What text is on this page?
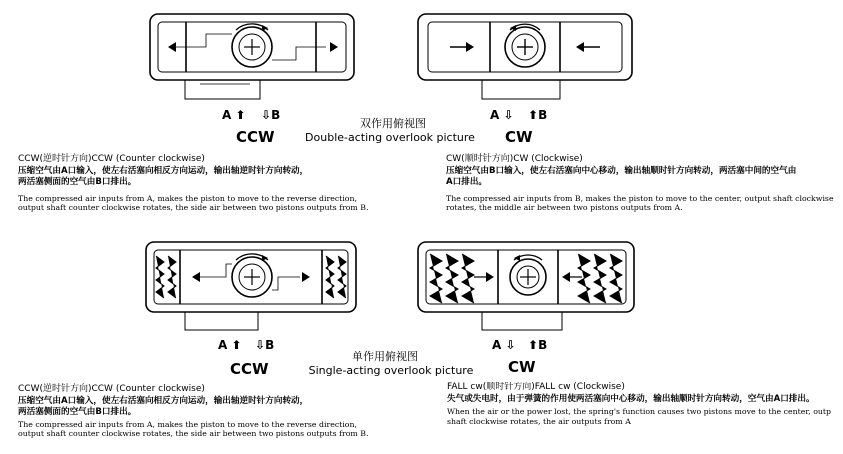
A ⬆ ⇩B
CCW
A ⇩ ⬆B
CW
双作用俯视图
Double-acting overlook picture
CCW(逆时针方向)CCW (Counter clockwise)
压缩空气由A口输入，使左右活塞向相反方向运动，输出轴逆时针方向转动，
两活塞侧面的空气由B口排出。
The compressed air inputs from A, makes the piston to move to the reverse direction,
output shaft counter clockwise rotates, the side air between two pistons outputs from B.
CW(顺时针方向)CW (Clockwise)
压缩空气由B口输入，使左右活塞向中心移动，输出轴顺时针方向转动，两活塞中间的空气由
A口排出。
The compressed air inputs from B, makes the piston to move to the center, output shaft clockwise
rotates, the middle air between two pistons outputs from A.
A ⬆ ⇩B
CCW
A ⇩ ⬆B
CW
单作用俯视图
Single-acting overlook picture
CCW(逆时针方向)CCW (Counter clockwise)
压缩空气由A口输入，使左右活塞向相反方向运动，输出轴逆时针方向转动，
两活塞侧面的空气由B口排出。
The compressed air inputs from A, makes the piston to move to the reverse direction,
output shaft counter clockwise rotates, the side air between two pistons outputs from B.
FALL cw(顺时针方向)FALL cw (Clockwise)
失气或失电时，由于弹簧的作用使两活塞向中心移动，输出轴顺时针方向转动，空气由A口排出。
When the air or the power lost, the spring's function causes two pistons move to the center, outp
shaft clockwise rotates, the air outputs from A
